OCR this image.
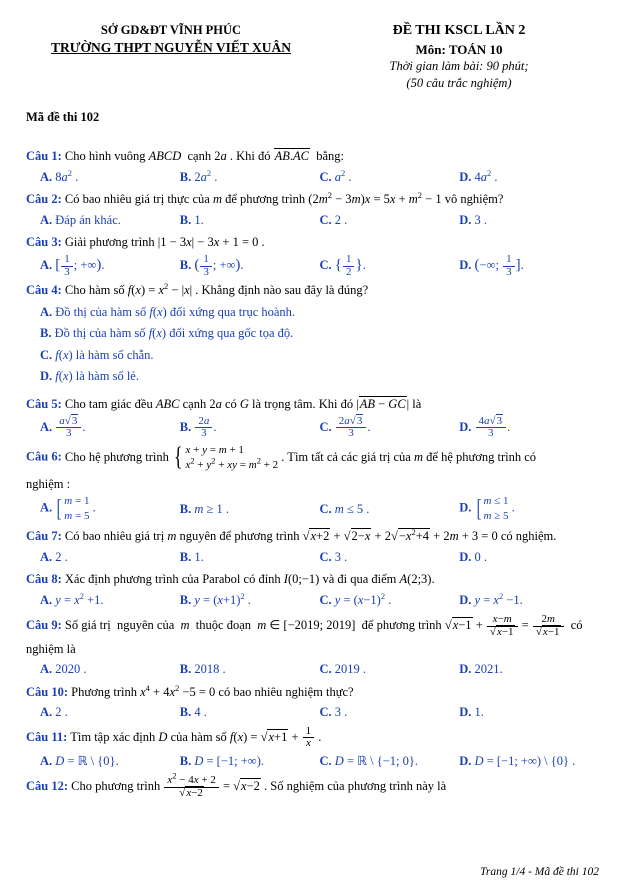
SỞ GD&ĐT VĨNH PHÚC
TRƯỜNG THPT NGUYỄN VIẾT XUÂN
ĐỀ THI KSCL LẦN 2
Môn: TOÁN 10
Thời gian làm bài: 90 phút;
(50 câu trắc nghiệm)
Mã đề thi 102
Câu 1: Cho hình vuông ABCD  cạnh 2a . Khi đó AB.AC  bằng:
A. $8a^2$ .	B. $2a^2$ .	C. $a^2$ .	D. $4a^2$ .
Câu 2: Có bao nhiêu giá trị thực của m để phương trình $(2m^2 - 3m)x = 5x + m^2 - 1$ vô nghiệm?
A. Đáp án khác.	B. 1.	C. 2 .	D. 3 .
Câu 3: Giải phương trình |1 − 3x| − 3x + 1 = 0 .
A. [ $\frac{1}{3}$ ; +∞).	B. ( $\frac{1}{3}$ ; +∞).	C. { $\frac{1}{2}$ }.	D. (−∞; $\frac{1}{3}$ ].
Câu 4: Cho hàm số $f(x) = x^2 - |x|$ . Khẳng định nào sau đây là đúng?
A. Đồ thị của hàm số f(x) đối xứng qua trục hoành.
B. Đồ thị của hàm số f(x) đối xứng qua gốc tọa độ.
C. f(x) là hàm số chẵn.
D. f(x) là hàm số lẻ.
Câu 5: Cho tam giác đều ABC cạnh 2a có G là trọng tâm. Khi đó |AB − GC| là
A. $\frac{a√3}{3}$ .	B. $\frac{2a}{3}$ .	C. $\frac{2a√3}{3}$ .	D. $\frac{4a√3}{3}$ .
Câu 6: Cho hệ phương trình { x + y = m + 1
$x^2 + y^2$ + xy = $m^2 + 2$
. Tìm tất cả các giá trị của m để hệ phương trình có
nghiệm :
A. [ m = 1
m = 5
.	B. m ≥ 1 .	C. m ≤ 5 .	D. [ m ≤ 1
m ≥ 5
.
Câu 7: Có bao nhiêu giá trị m nguyên để phương trình $√x+2 + √2-x + 2√-x^2+4 + 2m + 3 = 0$ có nghiệm.
A. 2 .	B. 1.	C. 3 .	D. 0 .
Câu 8: Xác định phương trình của Parabol có đỉnh I(0;−1) và đi qua điểm A(2;3).
A. $y = x^2 +1$.	B. $y = (x+1)^2$ .	C. $y = (x-1)^2$ .	D. $y = x^2 -1$.
Câu 9: Số giá trị  nguyên của  m  thuộc đoạn  m ∈ [−2019; 2019]  để phương trình $√x-1 + \frac{x-m}{√x-1} = \frac{2m}{√x-1}$ có
nghiệm là
A. 2020 .	B. 2018 .	C. 2019 .	D. 2021.
Câu 10: Phương trình $x^4 + 4x^2 -5 = 0$ có bao nhiêu nghiệm thực?
A. 2 .	B. 4 .	C. 3 .	D. 1.
Câu 11: Tìm tập xác định D của hàm số $f(x) = √x+1 + \frac{1}{x}$ .
A. D = ℝ \ {0}.	B. D = [−1; +∞).	C. D = ℝ \ {−1; 0}.	D. D = [−1; +∞) \ {0} .
Câu 12: Cho phương trình $\frac{x^2 - 4x + 2}{√x-2} = √x-2$ . Số nghiệm của phương trình này là
Trang 1/4 - Mã đề thi 102
